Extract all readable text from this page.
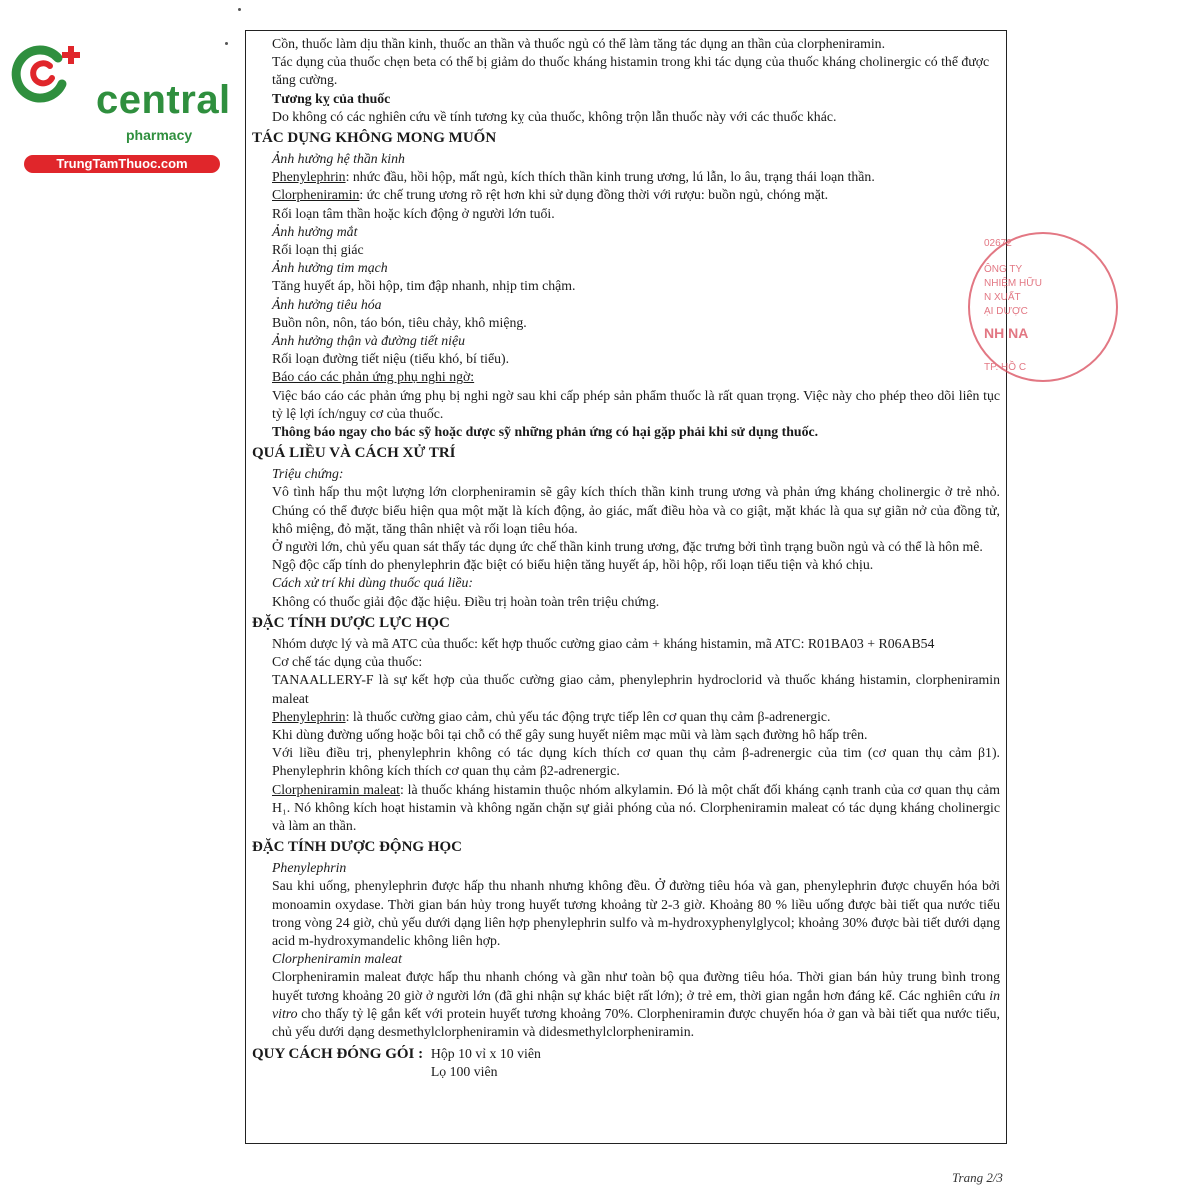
central

pharmacy
TrungTamThuoc.com

Cồn, thuốc làm dịu thần kinh, thuốc an thần và thuốc ngủ có thể làm tăng tác dụng an thần của clorpheniramin.

Tác dụng của thuốc chẹn beta có thể bị giảm do thuốc kháng histamin trong khi tác dụng của thuốc kháng cholinergic có thể được tăng cường.

Tương kỵ của thuốc

Do không có các nghiên cứu về tính tương kỵ của thuốc, không trộn lẫn thuốc này với các thuốc khác.

TÁC DỤNG KHÔNG MONG MUỐN

Ảnh hưởng hệ thần kinh

Phenylephrin: nhức đầu, hồi hộp, mất ngủ, kích thích thần kinh trung ương, lú lẫn, lo âu, trạng thái loạn thần.

Clorpheniramin: ức chế trung ương rõ rệt hơn khi sử dụng đồng thời với rượu: buồn ngủ, chóng mặt.

Rối loạn tâm thần hoặc kích động ở người lớn tuổi.

Ảnh hưởng mắt

Rối loạn thị giác

Ảnh hưởng tim mạch

Tăng huyết áp, hồi hộp, tim đập nhanh, nhịp tim chậm.

Ảnh hưởng tiêu hóa

Buồn nôn, nôn, táo bón, tiêu chảy, khô miệng.

Ảnh hưởng thận và đường tiết niệu

Rối loạn đường tiết niệu (tiểu khó, bí tiểu).

Báo cáo các phản ứng phụ nghi ngờ:

Việc báo cáo các phản ứng phụ bị nghi ngờ sau khi cấp phép sản phẩm thuốc là rất quan trọng. Việc này cho phép theo dõi liên tục tỷ lệ lợi ích/nguy cơ của thuốc.

Thông báo ngay cho bác sỹ hoặc dược sỹ những phản ứng có hại gặp phải khi sử dụng thuốc.

QUÁ LIỀU VÀ CÁCH XỬ TRÍ

Triệu chứng:

Vô tình hấp thu một lượng lớn clorpheniramin sẽ gây kích thích thần kinh trung ương và phản ứng kháng cholinergic ở trẻ nhỏ. Chúng có thể được biểu hiện qua một mặt là kích động, ảo giác, mất điều hòa và co giật, mặt khác là qua sự giãn nở của đồng tử, khô miệng, đỏ mặt, tăng thân nhiệt và rối loạn tiêu hóa.

Ở người lớn, chủ yếu quan sát thấy tác dụng ức chế thần kinh trung ương, đặc trưng bởi tình trạng buồn ngủ và có thể là hôn mê.

Ngộ độc cấp tính do phenylephrin đặc biệt có biểu hiện tăng huyết áp, hồi hộp, rối loạn tiểu tiện và khó chịu.

Cách xử trí khi dùng thuốc quá liều:

Không có thuốc giải độc đặc hiệu. Điều trị hoàn toàn trên triệu chứng.

ĐẶC TÍNH DƯỢC LỰC HỌC

Nhóm dược lý và mã ATC của thuốc: kết hợp thuốc cường giao cảm + kháng histamin, mã ATC: R01BA03 + R06AB54

Cơ chế tác dụng của thuốc:

TANAALLERY-F là sự kết hợp của thuốc cường giao cảm, phenylephrin hydroclorid và thuốc kháng histamin, clorpheniramin maleat

Phenylephrin: là thuốc cường giao cảm, chủ yếu tác động trực tiếp lên cơ quan thụ cảm β-adrenergic.

Khi dùng đường uống hoặc bôi tại chỗ có thể gây sung huyết niêm mạc mũi và làm sạch đường hô hấp trên.

Với liều điều trị, phenylephrin không có tác dụng kích thích cơ quan thụ cảm β-adrenergic của tim (cơ quan thụ cảm β1). Phenylephrin không kích thích cơ quan thụ cảm β2-adrenergic.

Clorpheniramin maleat: là thuốc kháng histamin thuộc nhóm alkylamin. Đó là một chất đối kháng cạnh tranh của cơ quan thụ cảm H₁. Nó không kích hoạt histamin và không ngăn chặn sự giải phóng của nó. Clorpheniramin maleat có tác dụng kháng cholinergic và làm an thần.

ĐẶC TÍNH DƯỢC ĐỘNG HỌC

Phenylephrin

Sau khi uống, phenylephrin được hấp thu nhanh nhưng không đều. Ở đường tiêu hóa và gan, phenylephrin được chuyển hóa bởi monoamin oxydase. Thời gian bán hủy trong huyết tương khoảng từ 2-3 giờ. Khoảng 80 % liều uống được bài tiết qua nước tiểu trong vòng 24 giờ, chủ yếu dưới dạng liên hợp phenylephrin sulfo và m-hydroxyphenylglycol; khoảng 30% được bài tiết dưới dạng acid m-hydroxymandelic không liên hợp.

Clorpheniramin maleat

Clorpheniramin maleat được hấp thu nhanh chóng và gần như toàn bộ qua đường tiêu hóa. Thời gian bán hủy trung bình trong huyết tương khoảng 20 giờ ở người lớn (đã ghi nhận sự khác biệt rất lớn); ở trẻ em, thời gian ngắn hơn đáng kể. Các nghiên cứu in vitro cho thấy tỷ lệ gắn kết với protein huyết tương khoảng 70%. Clorpheniramin được chuyển hóa ở gan và bài tiết qua nước tiểu, chủ yếu dưới dạng desmethylclorpheniramin và didesmethylclorpheniramin.

QUY CÁCH ĐÓNG GÓI : Hộp 10 vỉ x 10 viên
Lọ 100 viên
02672
ÔNG TY
NHIỆM HỮU
N XUẤT
ẠI DƯỢC
NH NA
TP. HỒ C
Trang 2/3
